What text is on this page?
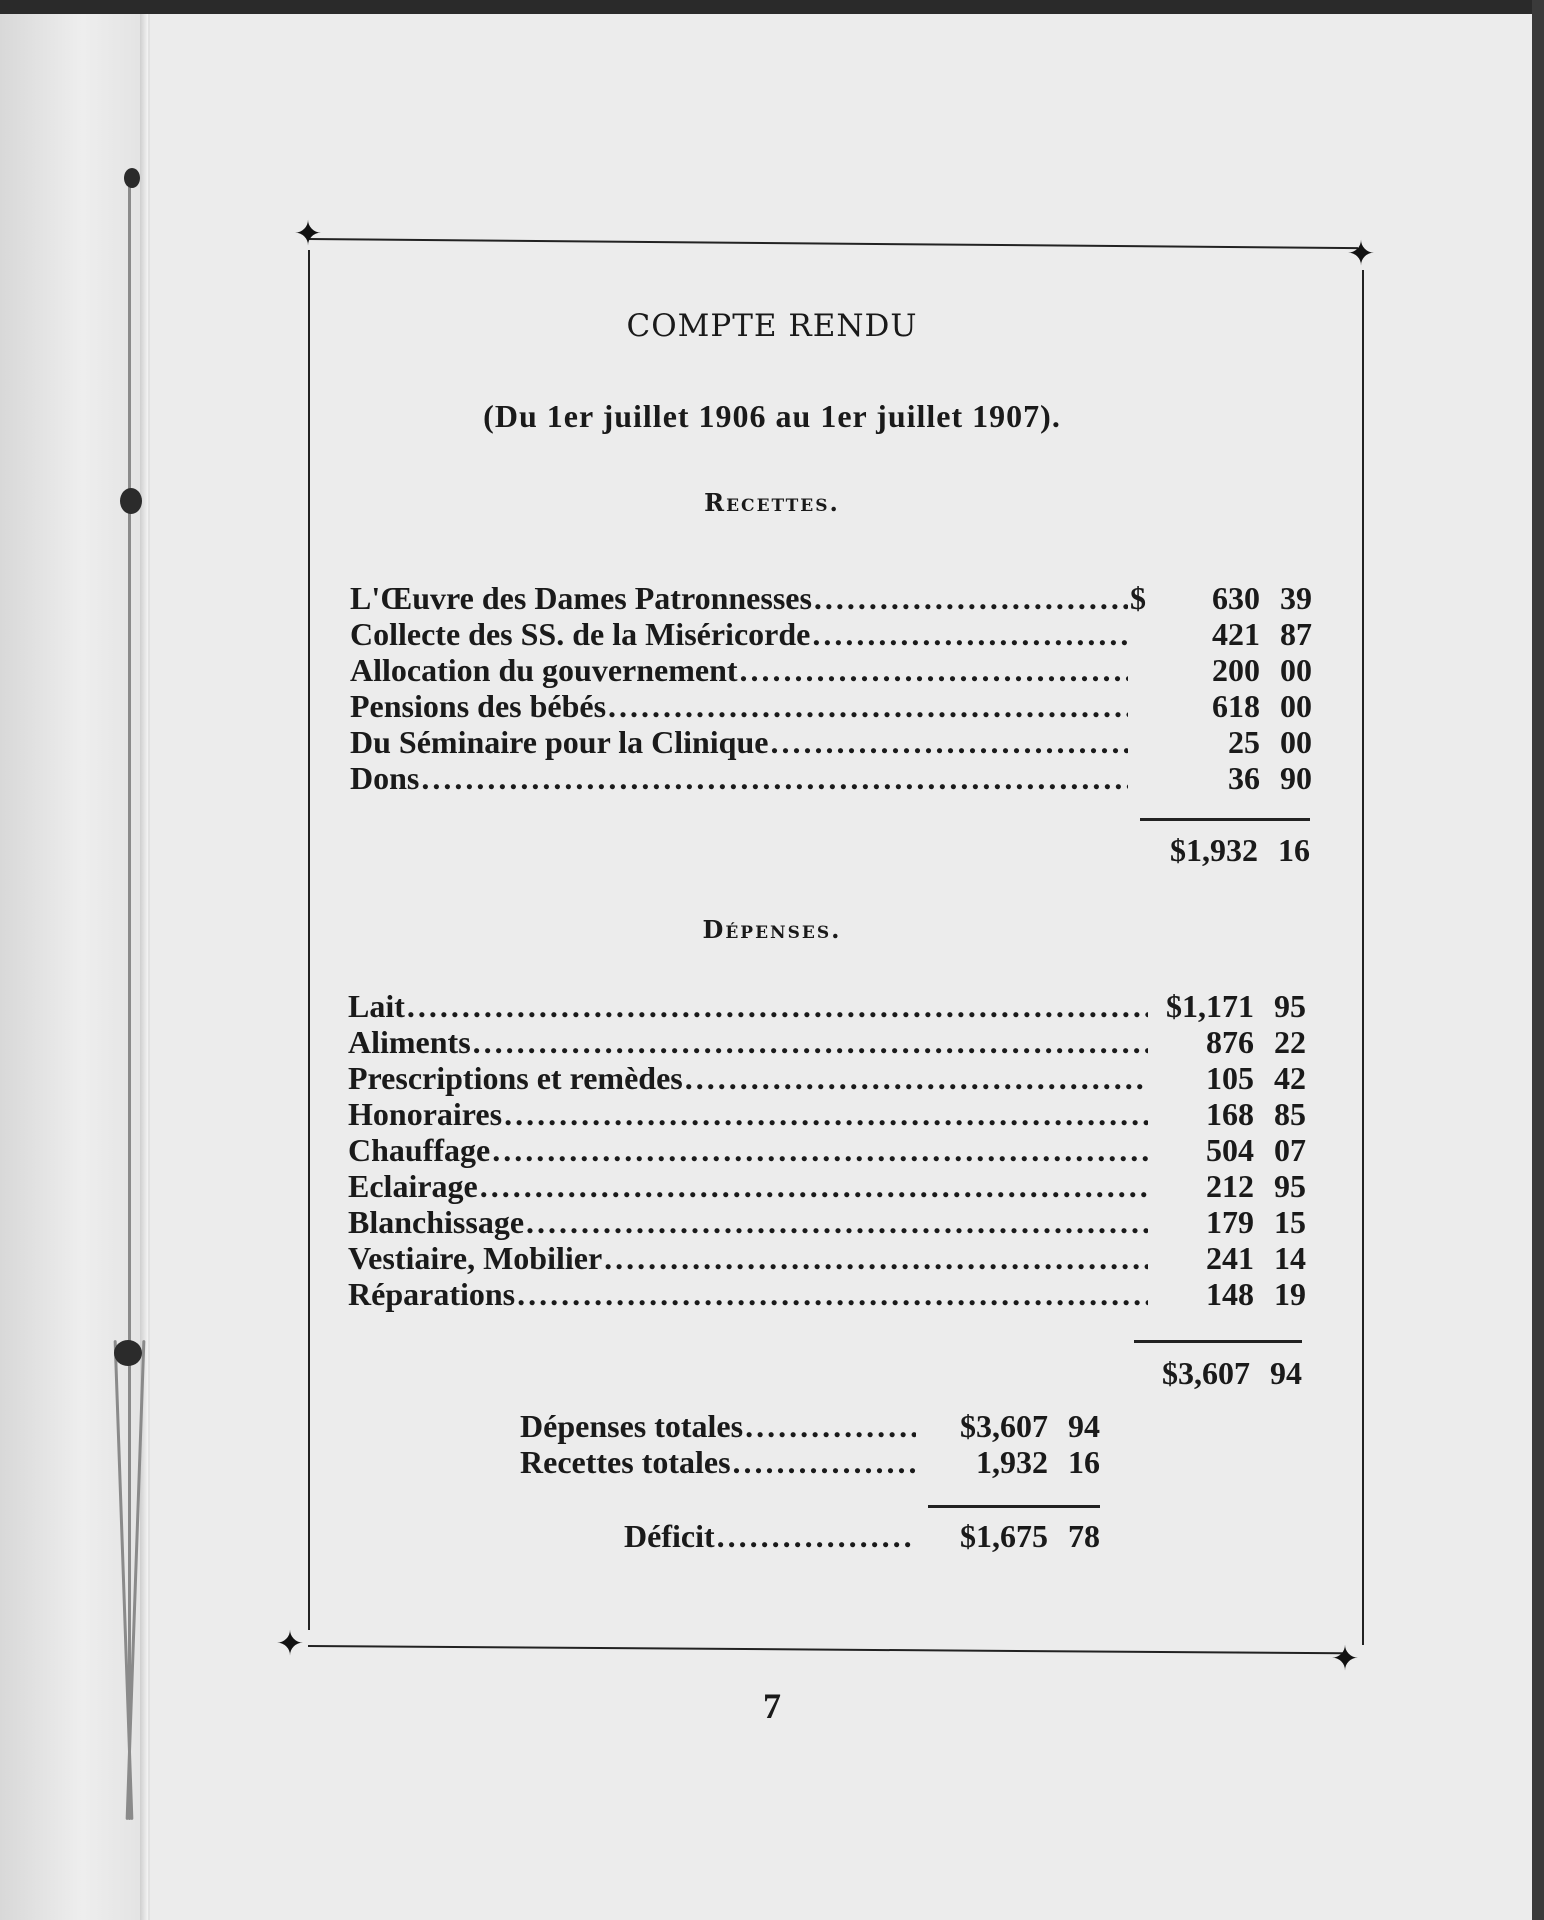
✦	✦
✦	✦
COMPTE RENDU
(Du 1er juillet 1906 au 1er juillet 1907).
Recettes.
L'Œuvre des Dames Patronnesses .....	$	630 39
Collecte des SS. de la Miséricorde .....	421 87
Allocation du gouvernement .....	200 00
Pensions des bébés .....	618 00
Du Séminaire pour la Clinique .....	25 00
Dons .....	36 90
$1,932 16
Dépenses.
Lait .....	$1,171 95
Aliments .....	876 22
Prescriptions et remèdes .....	105 42
Honoraires .....	168 85
Chauffage .....	504 07
Eclairage .....	212 95
Blanchissage .....	179 15
Vestiaire, Mobilier .....	241 14
Réparations .....	148 19
$3,607 94
Dépenses totales .....	$3,607 94
Recettes totales .....	1,932 16
Déficit .....	$1,675 78
7
